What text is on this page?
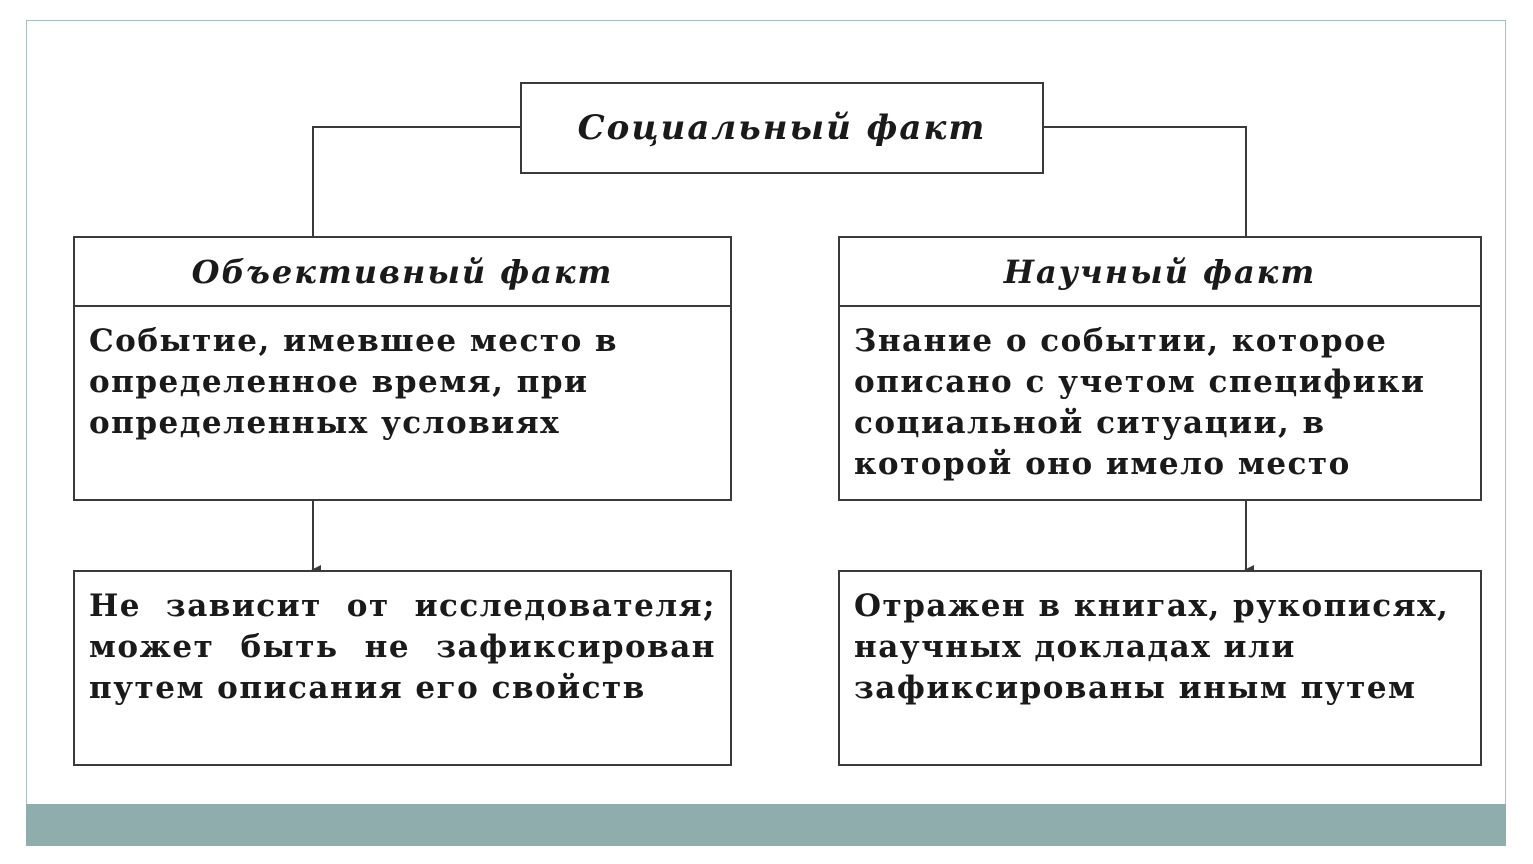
Социальный факт
Объективный факт
Событие, имевшее место в определенное время, при определенных условиях
Не зависит от исследователя; может быть не зафиксирован путем описания его свойств
Научный факт
Знание о событии, которое описано с учетом специфики социальной ситуации, в которой оно имело место
Отражен в книгах, рукописях, научных докладах или зафиксированы иным путем
